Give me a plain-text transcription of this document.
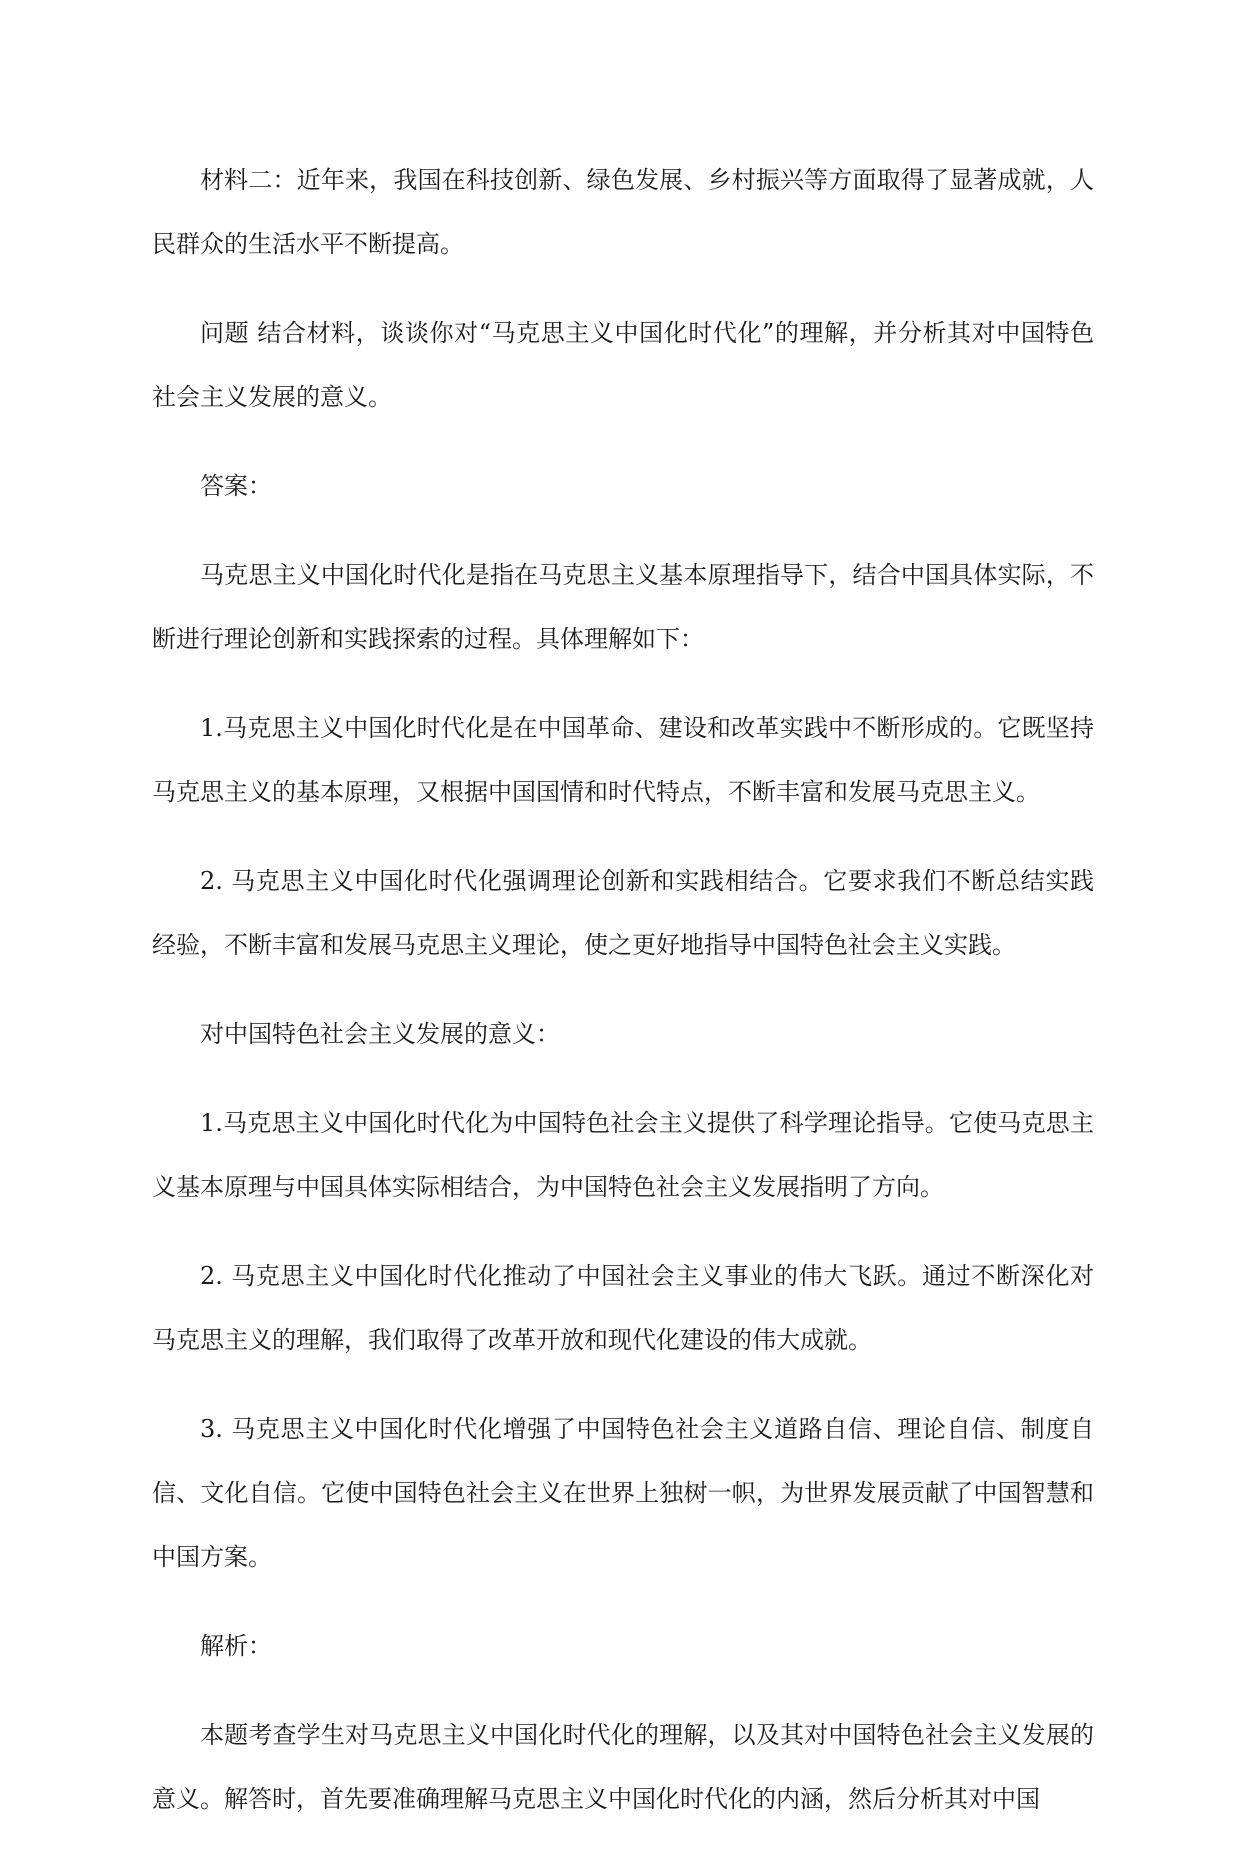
材料二：近年来，我国在科技创新、绿色发展、乡村振兴等方面取得了显著成就，人民群众的生活水平不断提高。

问题 结合材料，谈谈你对“马克思主义中国化时代化”的理解，并分析其对中国特色社会主义发展的意义。

答案：

马克思主义中国化时代化是指在马克思主义基本原理指导下，结合中国具体实际，不断进行理论创新和实践探索的过程。具体理解如下：

1.马克思主义中国化时代化是在中国革命、建设和改革实践中不断形成的。它既坚持马克思主义的基本原理，又根据中国国情和时代特点，不断丰富和发展马克思主义。

2. 马克思主义中国化时代化强调理论创新和实践相结合。它要求我们不断总结实践经验，不断丰富和发展马克思主义理论，使之更好地指导中国特色社会主义实践。

对中国特色社会主义发展的意义：

1.马克思主义中国化时代化为中国特色社会主义提供了科学理论指导。它使马克思主义基本原理与中国具体实际相结合，为中国特色社会主义发展指明了方向。

2. 马克思主义中国化时代化推动了中国社会主义事业的伟大飞跃。通过不断深化对马克思主义的理解，我们取得了改革开放和现代化建设的伟大成就。

3. 马克思主义中国化时代化增强了中国特色社会主义道路自信、理论自信、制度自信、文化自信。它使中国特色社会主义在世界上独树一帜，为世界发展贡献了中国智慧和中国方案。

解析：

本题考查学生对马克思主义中国化时代化的理解，以及其对中国特色社会主义发展的意义。解答时，首先要准确理解马克思主义中国化时代化的内涵，然后分析其对中国
